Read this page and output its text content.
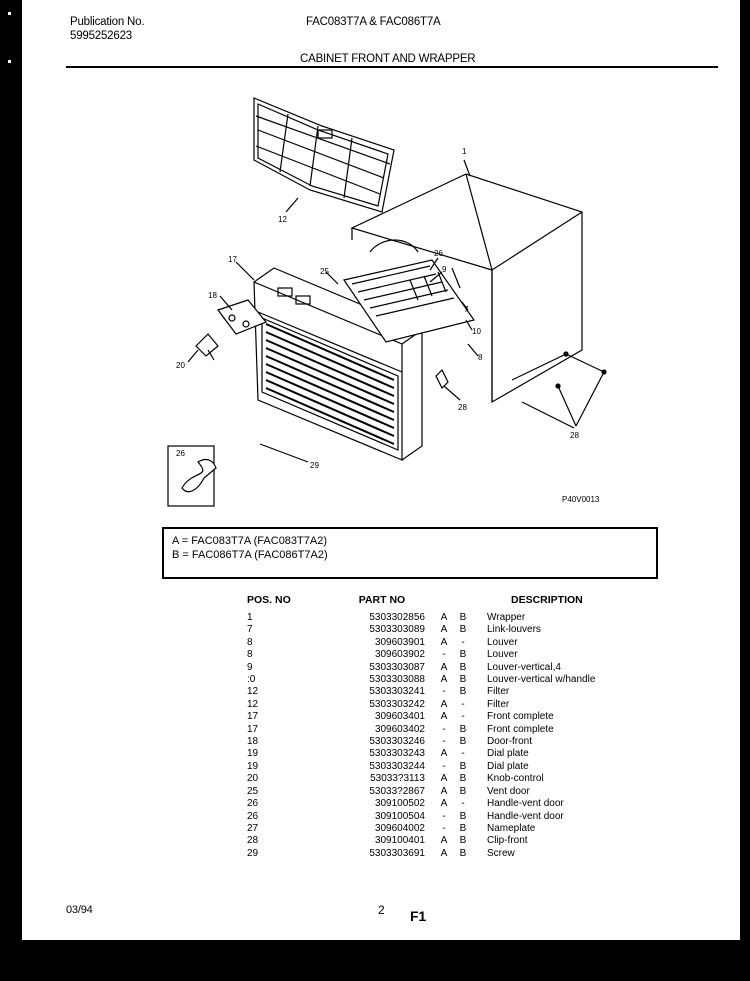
Publication No.
5995252623
FAC083T7A & FAC086T7A
CABINET FRONT AND WRAPPER
1
12
17
18
20
25
26
9
7
10
8
26
28
29
28
P40V0013
A = FAC083T7A (FAC083T7A2)
B = FAC086T7A (FAC086T7A2)
POS. NO	PART NO			DESCRIPTION
1	5303302856	A	B	Wrapper
7	5303303089	A	B	Link-louvers
8	309603901	A	-	Louver
8	309603902	-	B	Louver
9	5303303087	A	B	Louver-vertical,4
:0	5303303088	A	B	Louver-vertical w/handle
12	5303303241	-	B	Filter
12	5303303242	A	-	Filter
17	309603401	A	-	Front complete
17	309603402	-	B	Front complete
18	5303303246	-	B	Door-front
19	5303303243	A	-	Dial plate
19	5303303244	-	B	Dial plate
20	53033?3113	A	B	Knob-control
25	53033?2867	A	B	Vent door
26	309100502	A	-	Handle-vent door
26	309100504	-	B	Handle-vent door
27	309604002	-	B	Nameplate
28	309100401	A	B	Clip-front
29	5303303691	A	B	Screw
03/94	2 F1
